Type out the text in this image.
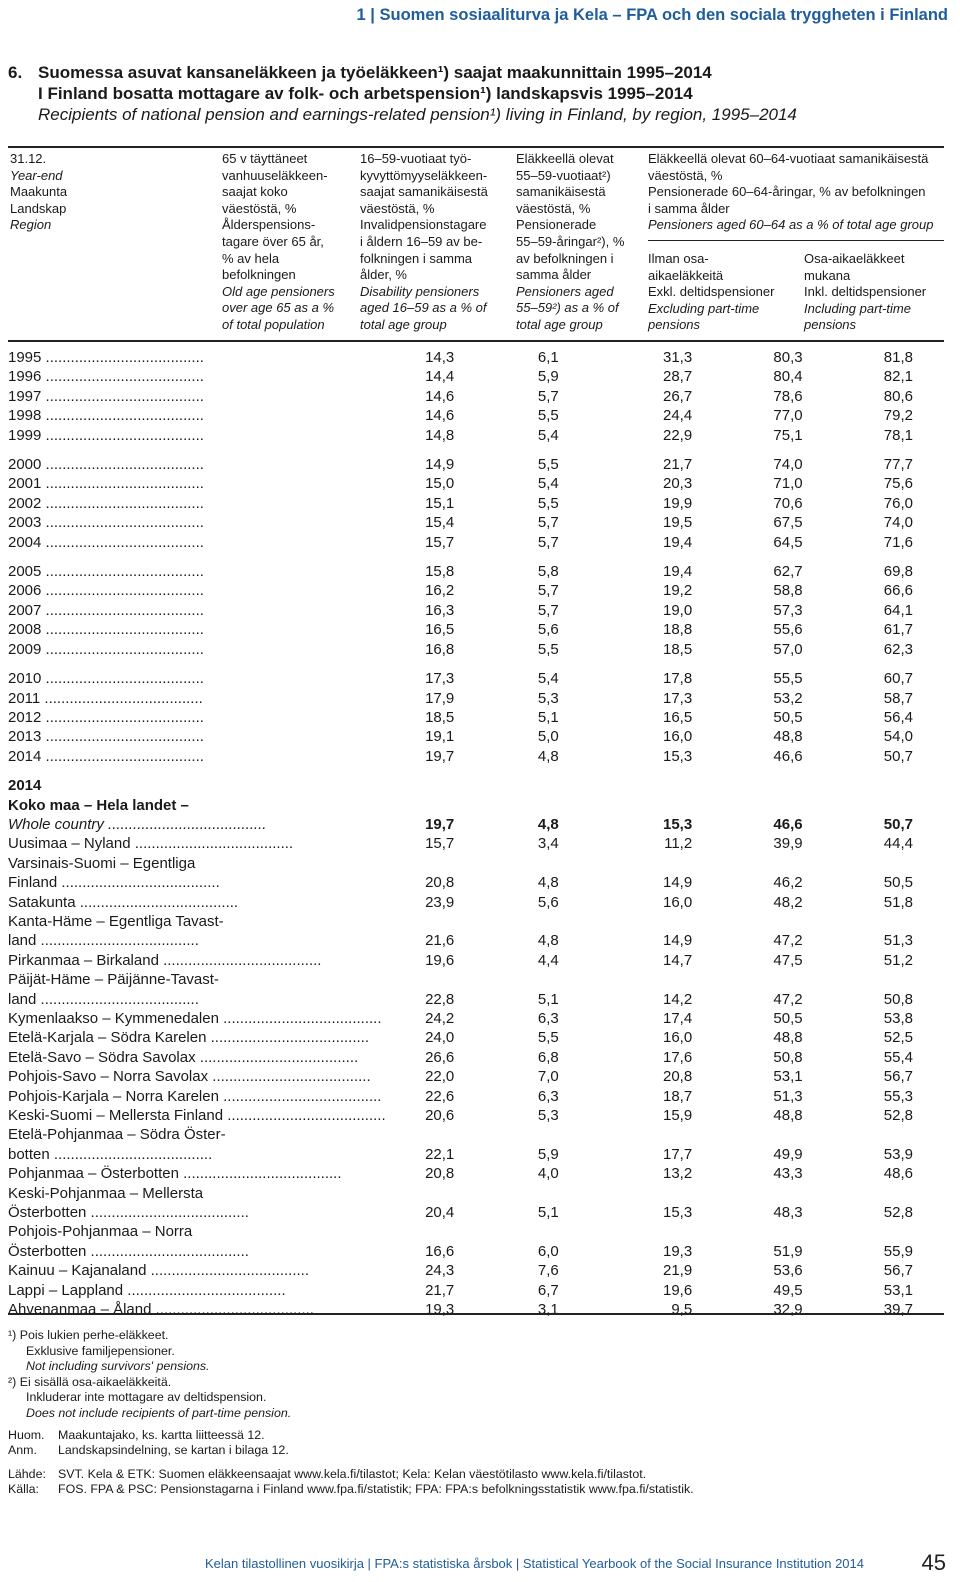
1 | Suomen sosiaaliturva ja Kela – FPA och den sociala tryggheten i Finland
6. Suomessa asuvat kansaneläkkeen ja työeläkkeen¹) saajat maakunnittain 1995–2014
I Finland bosatta mottagare av folk- och arbetspension¹) landskapsvis 1995–2014
Recipients of national pension and earnings-related pension¹) living in Finland, by region, 1995–2014
31.12.
Year-end
Maakunta
Landskap
Region
65 v täyttäneet
vanhuuseläkkeen-
saajat koko
väestöstä, %
Ålderspensions-
tagare över 65 år,
% av hela
befolkningen
Old age pensioners
over age 65 as a %
of total population
16–59-vuotiaat työ-
kyvyttömyyseläkkeen-
saajat samanikäisestä
väestöstä, %
Invalidpensionstagare
i åldern 16–59 av be-
folkningen i samma
ålder, %
Disability pensioners
aged 16–59 as a % of
total age group
Eläkkeellä olevat
55–59-vuotiaat²)
samanikäisestä
väestöstä, %
Pensionerade
55–59-åringar²), %
av befolkningen i
samma ålder
Pensioners aged
55–59²) as a % of
total age group
Eläkkeellä olevat 60–64-vuotiaat samanikäisestä
väestöstä, %
Pensionerade 60–64-åringar, % av befolkningen
i samma ålder
Pensioners aged 60–64 as a % of total age group
Ilman osa-
aikaeläkkeitä
Exkl. deltidspensioner
Excluding part-time
pensions
Osa-aikaeläkkeet
mukana
Inkl. deltidspensioner
Including part-time
pensions
1995 .....	14,3	6,1	31,3	80,3	81,8	
1996 .....	14,4	5,9	28,7	80,4	82,1	
1997 .....	14,6	5,7	26,7	78,6	80,6	
1998 .....	14,6	5,5	24,4	77,0	79,2	
1999 .....	14,8	5,4	22,9	75,1	78,1	

2000 .....	14,9	5,5	21,7	74,0	77,7	
2001 .....	15,0	5,4	20,3	71,0	75,6	
2002 .....	15,1	5,5	19,9	70,6	76,0	
2003 .....	15,4	5,7	19,5	67,5	74,0	
2004 .....	15,7	5,7	19,4	64,5	71,6	

2005 .....	15,8	5,8	19,4	62,7	69,8	
2006 .....	16,2	5,7	19,2	58,8	66,6	
2007 .....	16,3	5,7	19,0	57,3	64,1	
2008 .....	16,5	5,6	18,8	55,6	61,7	
2009 .....	16,8	5,5	18,5	57,0	62,3	

2010 .....	17,3	5,4	17,8	55,5	60,7	
2011 .....	17,9	5,3	17,3	53,2	58,7	
2012 .....	18,5	5,1	16,5	50,5	56,4	
2013 .....	19,1	5,0	16,0	48,8	54,0	
2014 .....	19,7	4,8	15,3	46,6	50,7	

2014						
Koko maa – Hela landet –						
Whole country .....	19,7	4,8	15,3	46,6	50,7	
Uusimaa – Nyland .....	15,7	3,4	11,2	39,9	44,4	
Varsinais-Suomi – Egentliga						
Finland .....	20,8	4,8	14,9	46,2	50,5	
Satakunta .....	23,9	5,6	16,0	48,2	51,8	
Kanta-Häme – Egentliga Tavast-						
land .....	21,6	4,8	14,9	47,2	51,3	
Pirkanmaa – Birkaland .....	19,6	4,4	14,7	47,5	51,2	
Päijät-Häme – Päijänne-Tavast-						
land .....	22,8	5,1	14,2	47,2	50,8	
Kymenlaakso – Kymmenedalen .....	24,2	6,3	17,4	50,5	53,8	
Etelä-Karjala – Södra Karelen .....	24,0	5,5	16,0	48,8	52,5	
Etelä-Savo – Södra Savolax .....	26,6	6,8	17,6	50,8	55,4	
Pohjois-Savo – Norra Savolax .....	22,0	7,0	20,8	53,1	56,7	
Pohjois-Karjala – Norra Karelen .....	22,6	6,3	18,7	51,3	55,3	
Keski-Suomi – Mellersta Finland .....	20,6	5,3	15,9	48,8	52,8	
Etelä-Pohjanmaa – Södra Öster-						
botten .....	22,1	5,9	17,7	49,9	53,9	
Pohjanmaa – Österbotten .....	20,8	4,0	13,2	43,3	48,6	
Keski-Pohjanmaa – Mellersta						
Österbotten .....	20,4	5,1	15,3	48,3	52,8	
Pohjois-Pohjanmaa – Norra						
Österbotten .....	16,6	6,0	19,3	51,9	55,9	
Kainuu – Kajanaland .....	24,3	7,6	21,9	53,6	56,7	
Lappi – Lappland .....	21,7	6,7	19,6	49,5	53,1	
Ahvenanmaa – Åland .....	19,3	3,1	9,5	32,9	39,7	
¹) Pois lukien perhe-eläkkeet.
Exklusive familjepensioner.
Not including survivors' pensions.
²) Ei sisällä osa-aikaeläkkeitä.
Inkluderar inte mottagare av deltidspension.
Does not include recipients of part-time pension.
Huom. Maakuntajako, ks. kartta liitteessä 12.
Anm. Landskapsindelning, se kartan i bilaga 12.
Lähde: SVT. Kela & ETK: Suomen eläkkeensaajat www.kela.fi/tilastot; Kela: Kelan väestötilasto www.kela.fi/tilastot.
Källa: FOS. FPA & PSC: Pensionstagarna i Finland www.fpa.fi/statistik; FPA: FPA:s befolkningsstatistik www.fpa.fi/statistik.
Kelan tilastollinen vuosikirja | FPA:s statistiska årsbok | Statistical Yearbook of the Social Insurance Institution 2014	45
